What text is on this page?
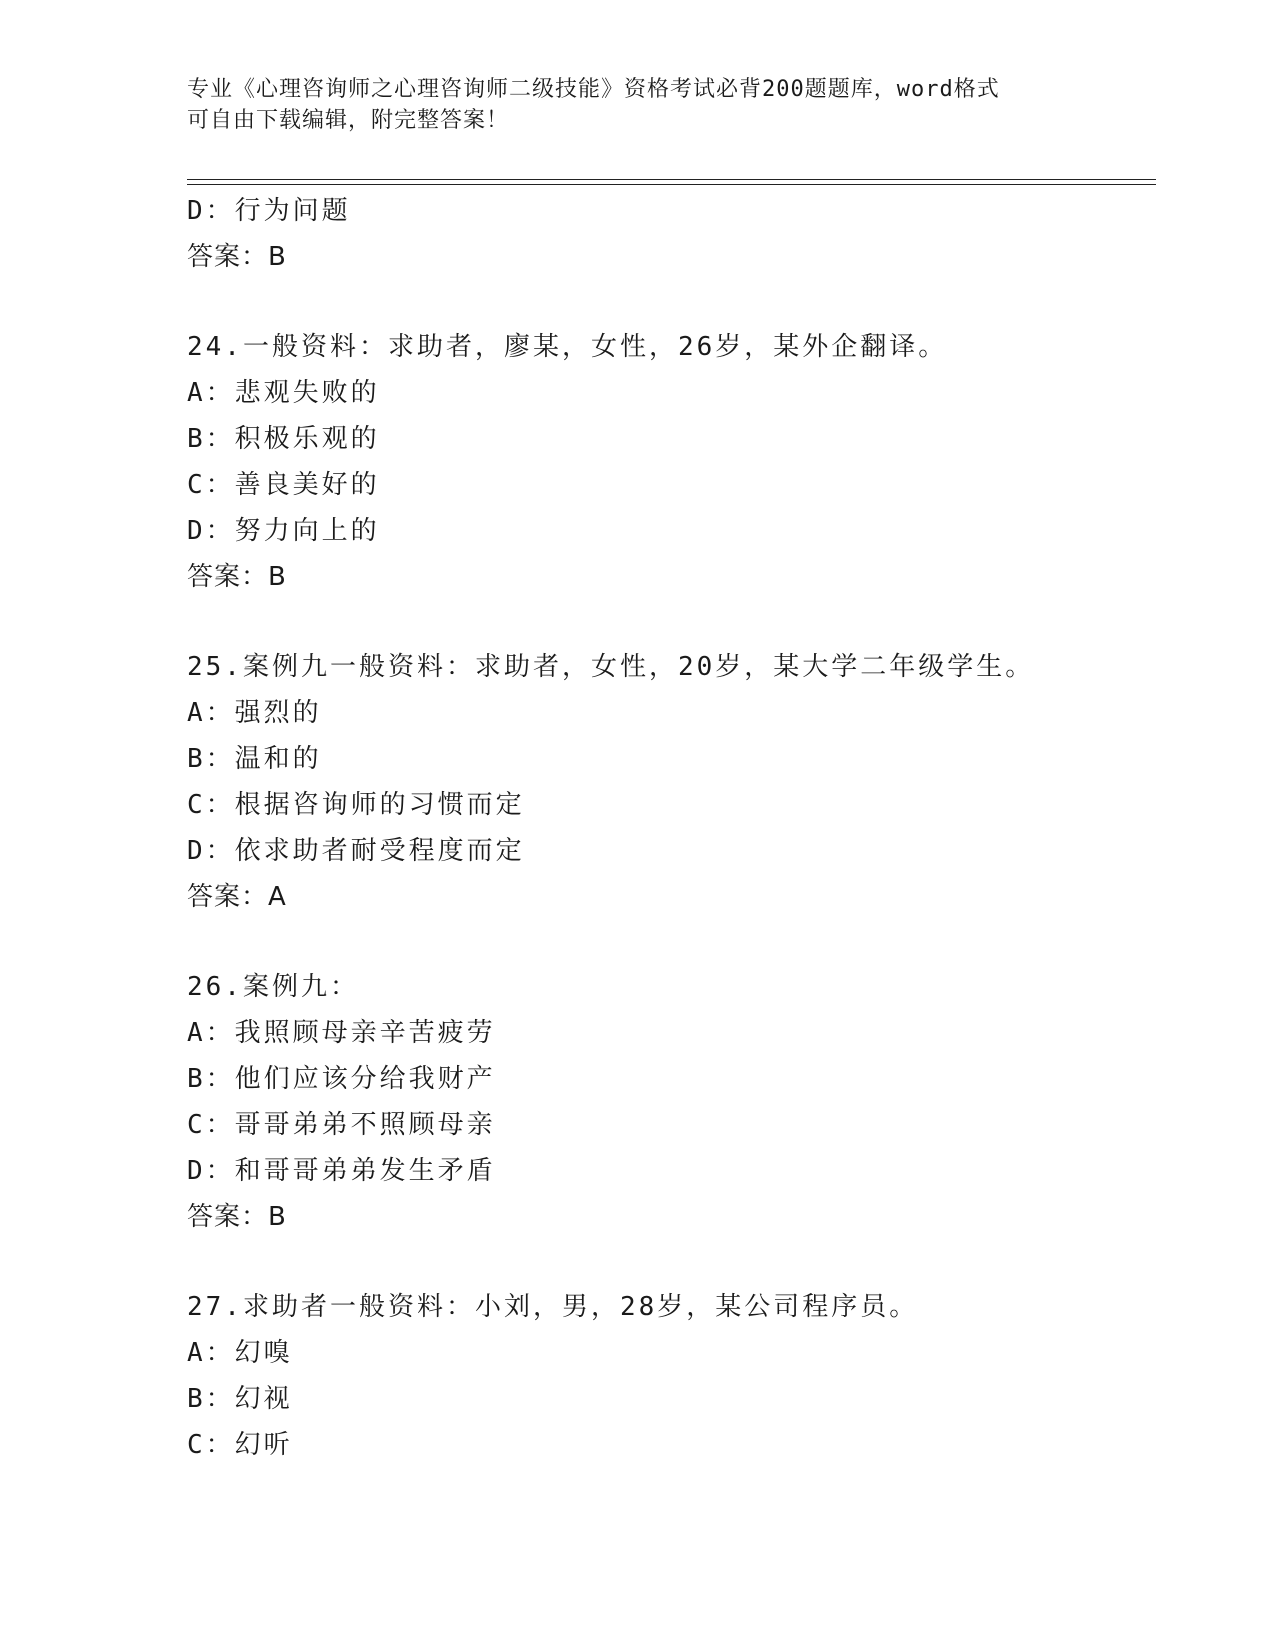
专业《心理咨询师之心理咨询师二级技能》资格考试必背200题题库，word格式
可自由下载编辑，附完整答案！
D：行为问题
答案：B
24.一般资料：求助者，廖某，女性，26岁，某外企翻译。
A：悲观失败的
B：积极乐观的
C：善良美好的
D：努力向上的
答案：B
25.案例九一般资料：求助者，女性，20岁，某大学二年级学生。
A：强烈的
B：温和的
C：根据咨询师的习惯而定
D：依求助者耐受程度而定
答案：A
26.案例九：
A：我照顾母亲辛苦疲劳
B：他们应该分给我财产
C：哥哥弟弟不照顾母亲
D：和哥哥弟弟发生矛盾
答案：B
27.求助者一般资料：小刘，男，28岁，某公司程序员。
A：幻嗅
B：幻视
C：幻听
